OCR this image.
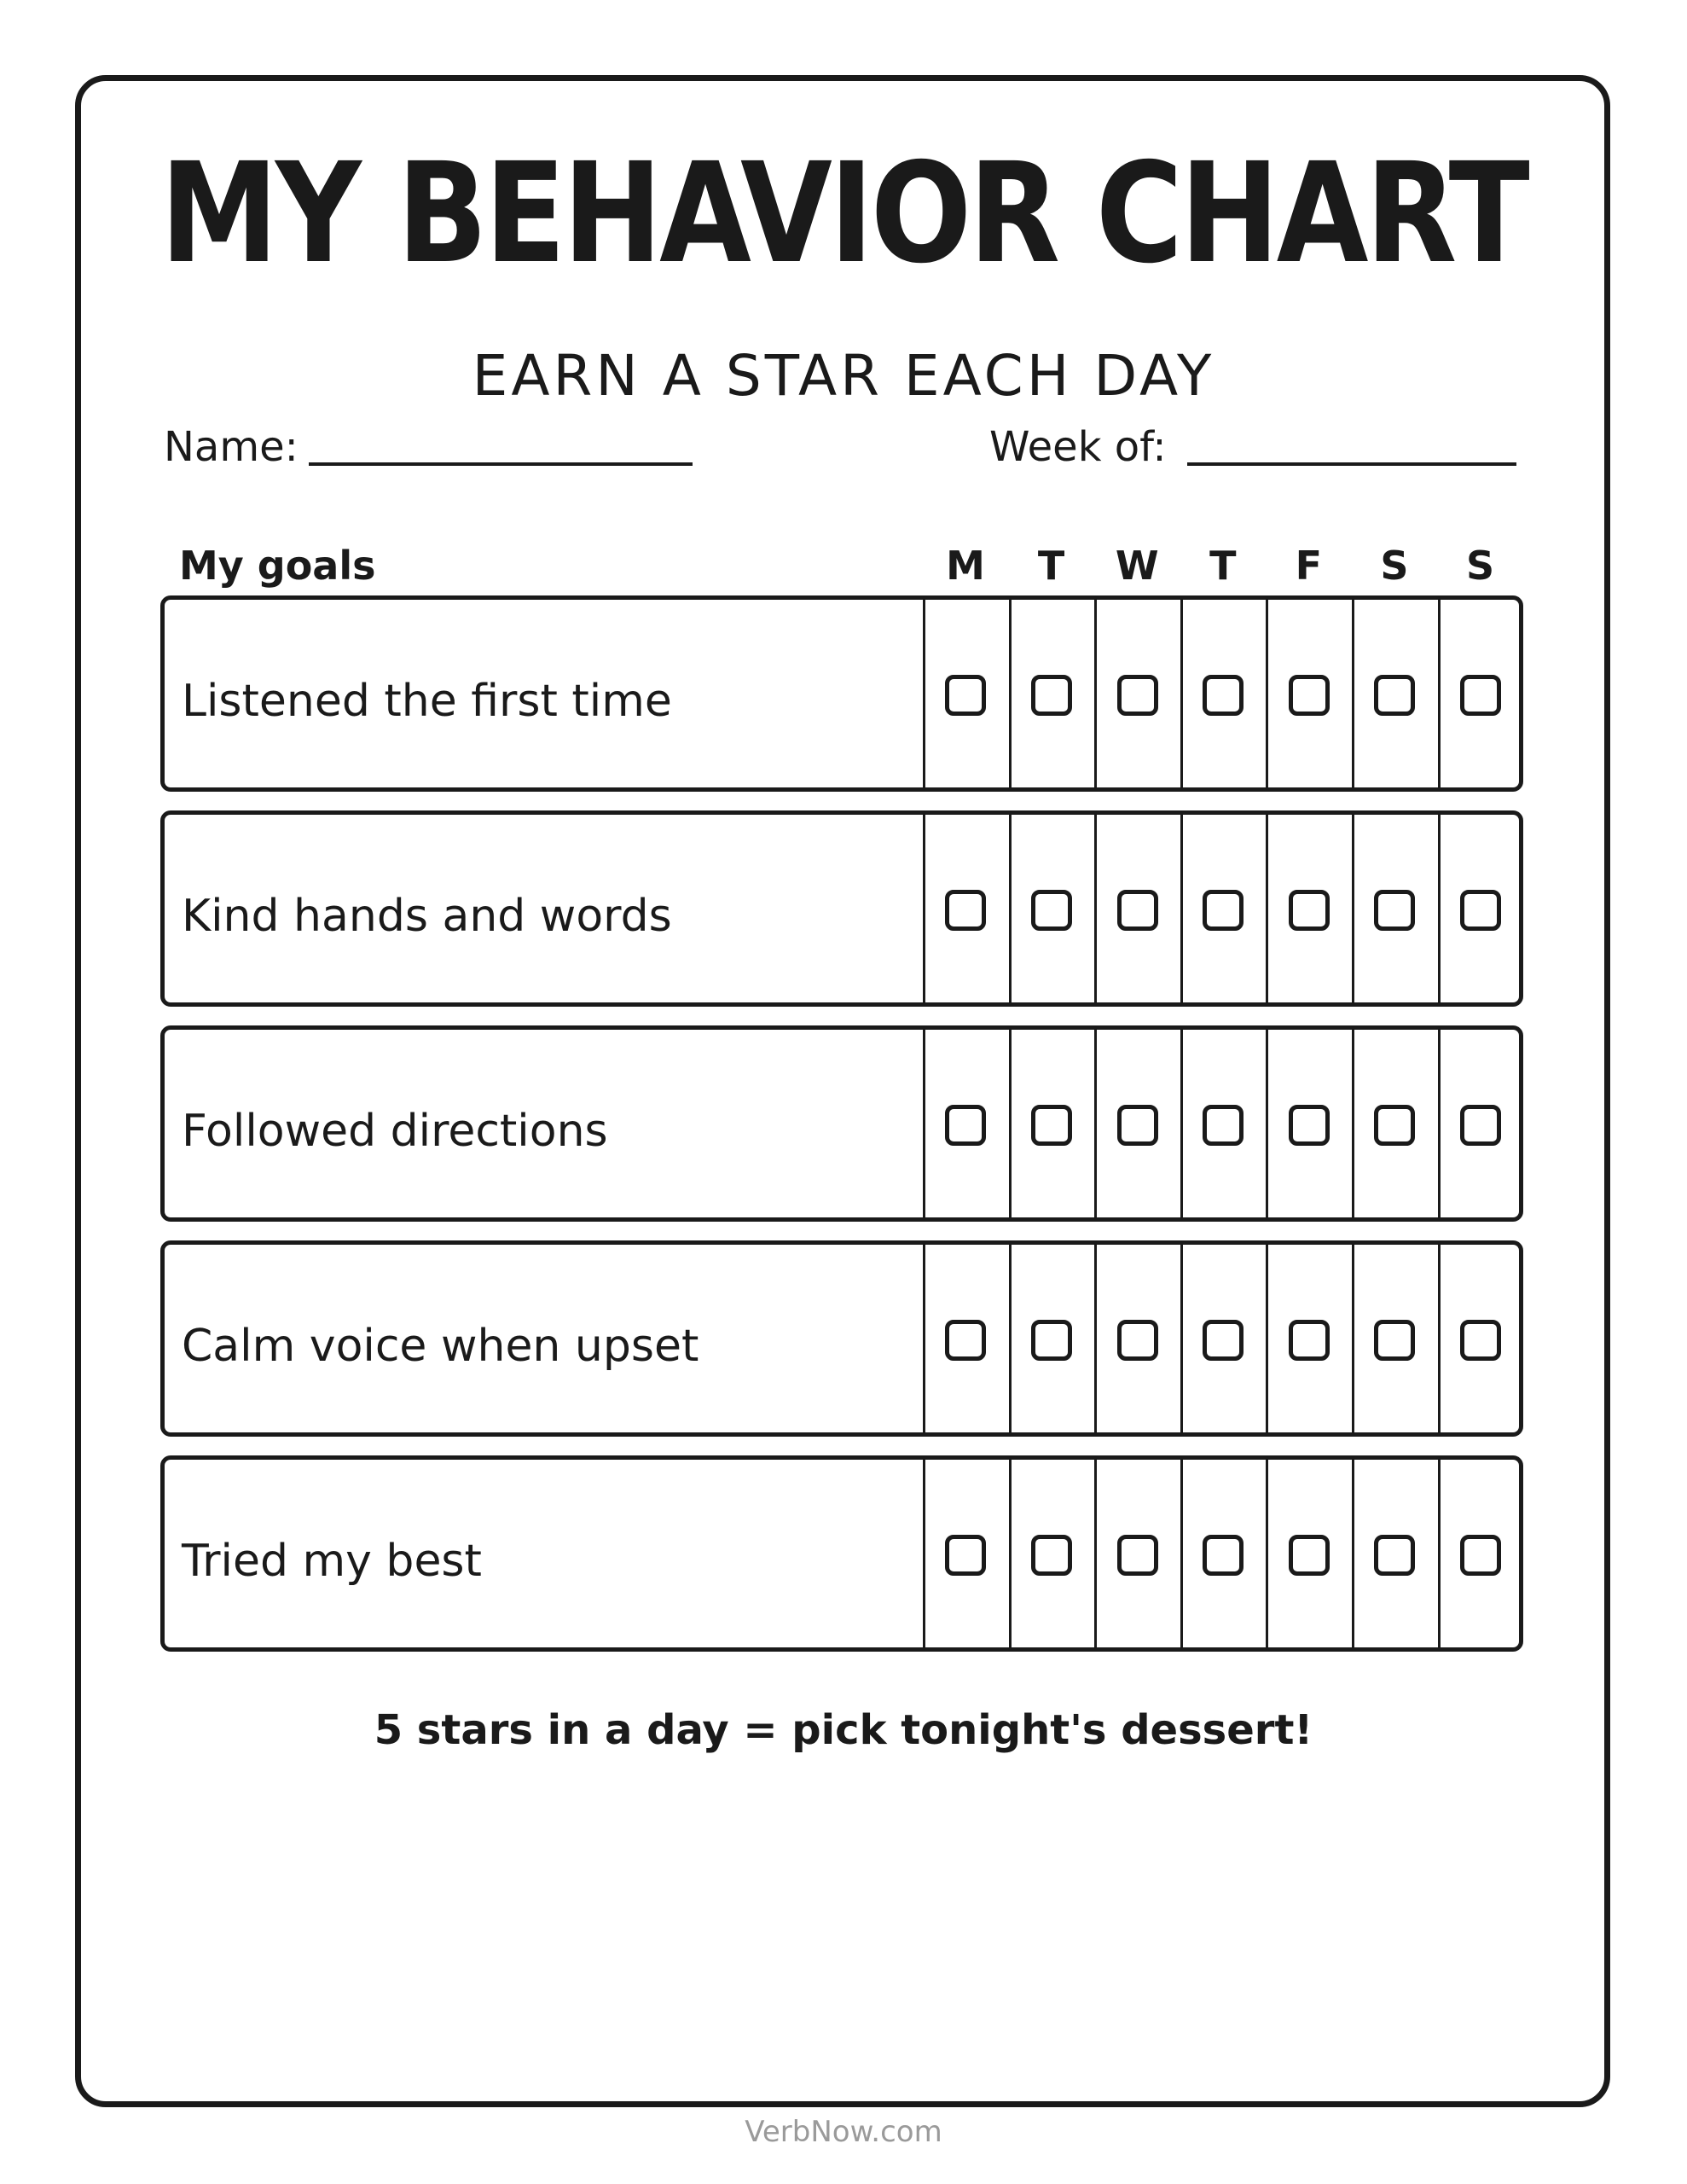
MY BEHAVIOR CHART
EARN A STAR EACH DAY
Name:	Week of:
My goals	M	T	W	T	F	S	S
Listened the first time
Kind hands and words
Followed directions
Calm voice when upset
Tried my best
5 stars in a day = pick tonight's dessert!
VerbNow.com
